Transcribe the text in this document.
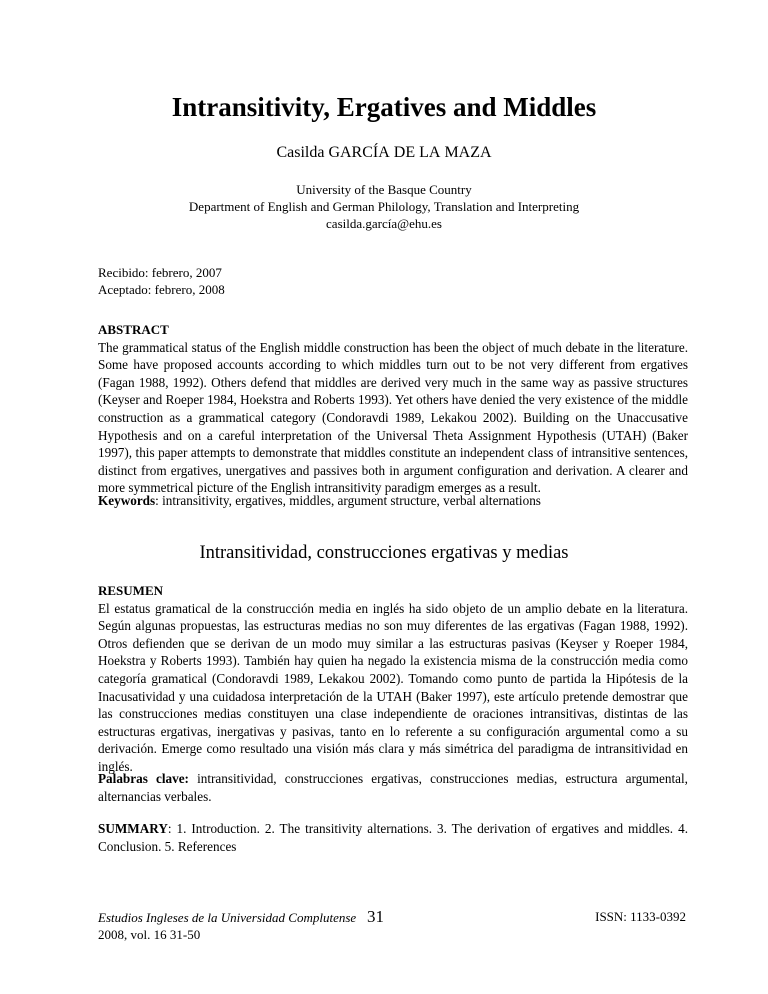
Intransitivity, Ergatives and Middles
Casilda GARCÍA DE LA MAZA
University of the Basque Country
Department of English and German Philology, Translation and Interpreting
casilda.garcía@ehu.es
Recibido: febrero, 2007
Aceptado: febrero, 2008
ABSTRACT
The grammatical status of the English middle construction has been the object of much debate in the literature. Some have proposed accounts according to which middles turn out to be not very different from ergatives (Fagan 1988, 1992). Others defend that middles are derived very much in the same way as passive structures (Keyser and Roeper 1984, Hoekstra and Roberts 1993). Yet others have denied the very existence of the middle construction as a grammatical category (Condoravdi 1989, Lekakou 2002). Building on the Unaccusative Hypothesis and on a careful interpretation of the Universal Theta Assignment Hypothesis (UTAH) (Baker 1997), this paper attempts to demonstrate that middles constitute an independent class of intransitive sentences, distinct from ergatives, unergatives and passives both in argument configuration and derivation. A clearer and more symmetrical picture of the English intransitivity paradigm emerges as a result.
Keywords: intransitivity, ergatives, middles, argument structure, verbal alternations
Intransitividad, construcciones ergativas y medias
RESUMEN
El estatus gramatical de la construcción media en inglés ha sido objeto de un amplio debate en la literatura. Según algunas propuestas, las estructuras medias no son muy diferentes de las ergativas (Fagan 1988, 1992). Otros defienden que se derivan de un modo muy similar a las estructuras pasivas (Keyser y Roeper 1984, Hoekstra y Roberts 1993). También hay quien ha negado la existencia misma de la construcción media como categoría gramatical (Condoravdi 1989, Lekakou 2002). Tomando como punto de partida la Hipótesis de la Inacusatividad y una cuidadosa interpretación de la UTAH (Baker 1997), este artículo pretende demostrar que las construcciones medias constituyen una clase independiente de oraciones intransitivas, distintas de las estructuras ergativas, inergativas y pasivas, tanto en lo referente a su configuración argumental como a su derivación. Emerge como resultado una visión más clara y más simétrica del paradigma de intransitividad en inglés.
Palabras clave: intransitividad, construcciones ergativas, construcciones medias, estructura argumental, alternancias verbales.
SUMMARY: 1. Introduction. 2. The transitivity alternations. 3. The derivation of ergatives and middles. 4. Conclusion. 5. References
Estudios Ingleses de la Universidad Complutense
2008, vol. 16 31-50
31	ISSN: 1133-0392
